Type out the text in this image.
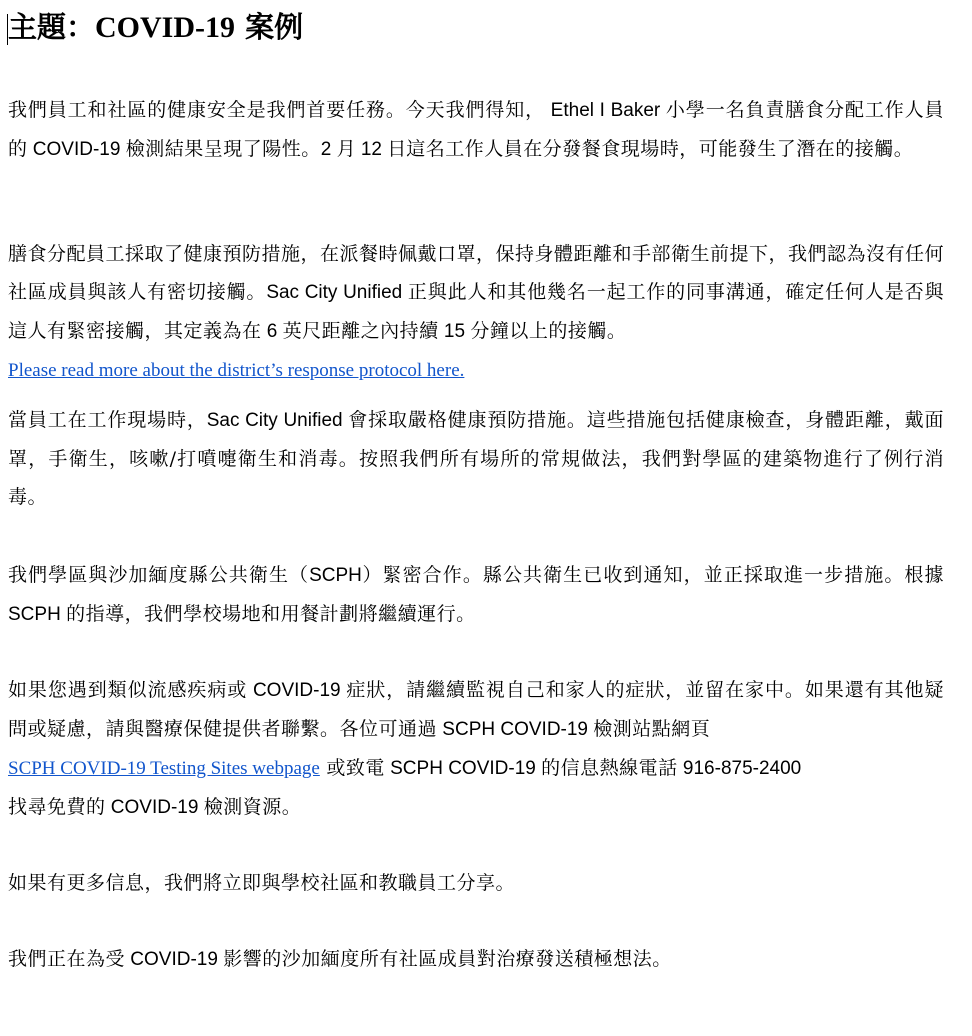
主題：COVID-19 案例

我們員工和社區的健康安全是我們首要任務。今天我們得知， Ethel I Baker 小學一名負責膳食分配工作人員的 COVID-19 檢測結果呈現了陽性。2 月 12 日這名工作人員在分發餐食現場時，可能發生了潛在的接觸。

膳食分配員工採取了健康預防措施，在派餐時佩戴口罩，保持身體距離和手部衛生前提下，我們認為沒有任何社區成員與該人有密切接觸。Sac City Unified 正與此人和其他幾名一起工作的同事溝通，確定任何人是否與這人有緊密接觸，其定義為在 6 英尺距離之內持續 15 分鐘以上的接觸。
Please read more about the district’s response protocol here.

當員工在工作現場時，Sac City Unified 會採取嚴格健康預防措施。這些措施包括健康檢查，身體距離，戴面罩，手衛生，咳嗽/打噴嚏衛生和消毒。按照我們所有場所的常規做法，我們對學區的建築物進行了例行消毒。

我們學區與沙加緬度縣公共衛生（SCPH）緊密合作。縣公共衛生已收到通知，並正採取進一步措施。根據 SCPH 的指導，我們學校場地和用餐計劃將繼續運行。

如果您遇到類似流感疾病或 COVID-19 症狀，請繼續監視自己和家人的症狀，並留在家中。如果還有其他疑問或疑慮，請與醫療保健提供者聯繫。各位可通過 SCPH COVID-19 檢測站點網頁
SCPH COVID-19 Testing Sites webpage 或致電 SCPH COVID-19 的信息熱線電話 916-875-2400
找尋免費的 COVID-19 檢測資源。

如果有更多信息，我們將立即與學校社區和教職員工分享。

我們正在為受 COVID-19 影響的沙加緬度所有社區成員對治療發送積極想法。
